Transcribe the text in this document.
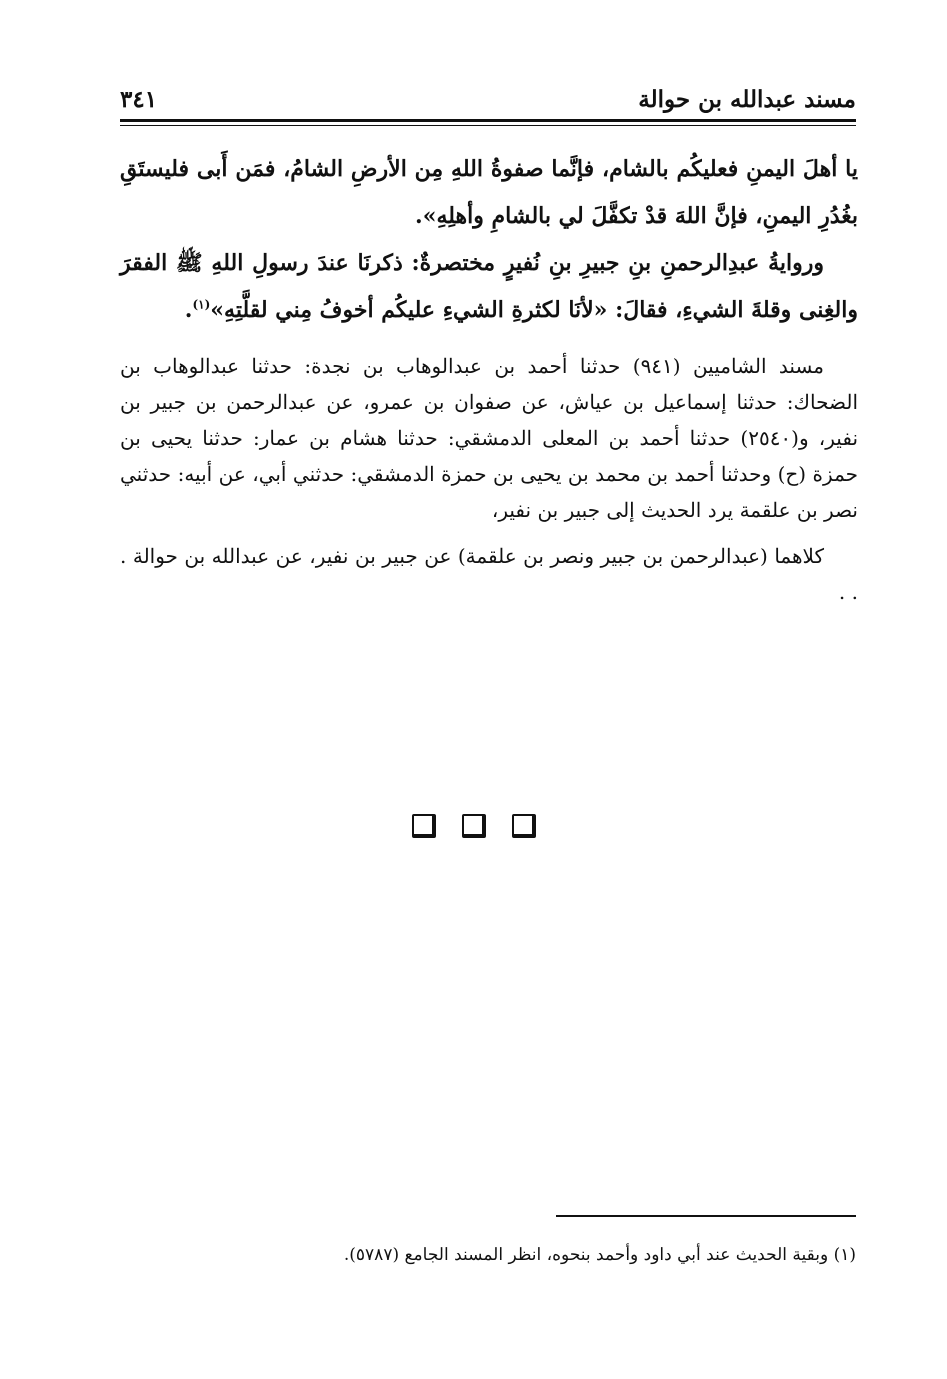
مسند عبدالله بن حوالة
٣٤١

يا أهلَ اليمنِ فعليكُم بالشام، فإنَّما صفوةُ اللهِ مِن الأرضِ الشامُ، فمَن أَبى فليستَقِ بغُدُرِ اليمنِ، فإنَّ اللهَ قدْ تكفَّلَ لي بالشامِ وأهلِهِ».

وروايةُ عبدِالرحمنِ بنِ جبيرِ بنِ نُفيرٍ مختصرةٌ: ذكرنَا عندَ رسولِ اللهِ ﷺ الفقرَ والغِنى وقلةَ الشيءِ، فقالَ: «لأنَا لكثرةِ الشيءِ عليكُم أخوفُ مِني لقلَّتِهِ»$^{(١)}$.

مسند الشاميين (٩٤١) حدثنا أحمد بن عبدالوهاب بن نجدة: حدثنا عبدالوهاب بن الضحاك: حدثنا إسماعيل بن عياش، عن صفوان بن عمرو، عن عبدالرحمن بن جبير بن نفير، و(٢٥٤٠) حدثنا أحمد بن المعلى الدمشقي: حدثنا هشام بن عمار: حدثنا يحيى بن حمزة (ح) وحدثنا أحمد بن محمد بن يحيى بن حمزة الدمشقي: حدثني أبي، عن أبيه: حدثني نصر بن علقمة يرد الحديث إلى جبير بن نفير،

كلاهما (عبدالرحمن بن جبير ونصر بن علقمة) عن جبير بن نفير، عن عبدالله بن حوالة . . .

(١) وبقية الحديث عند أبي داود وأحمد بنحوه، انظر المسند الجامع (٥٧٨٧).
